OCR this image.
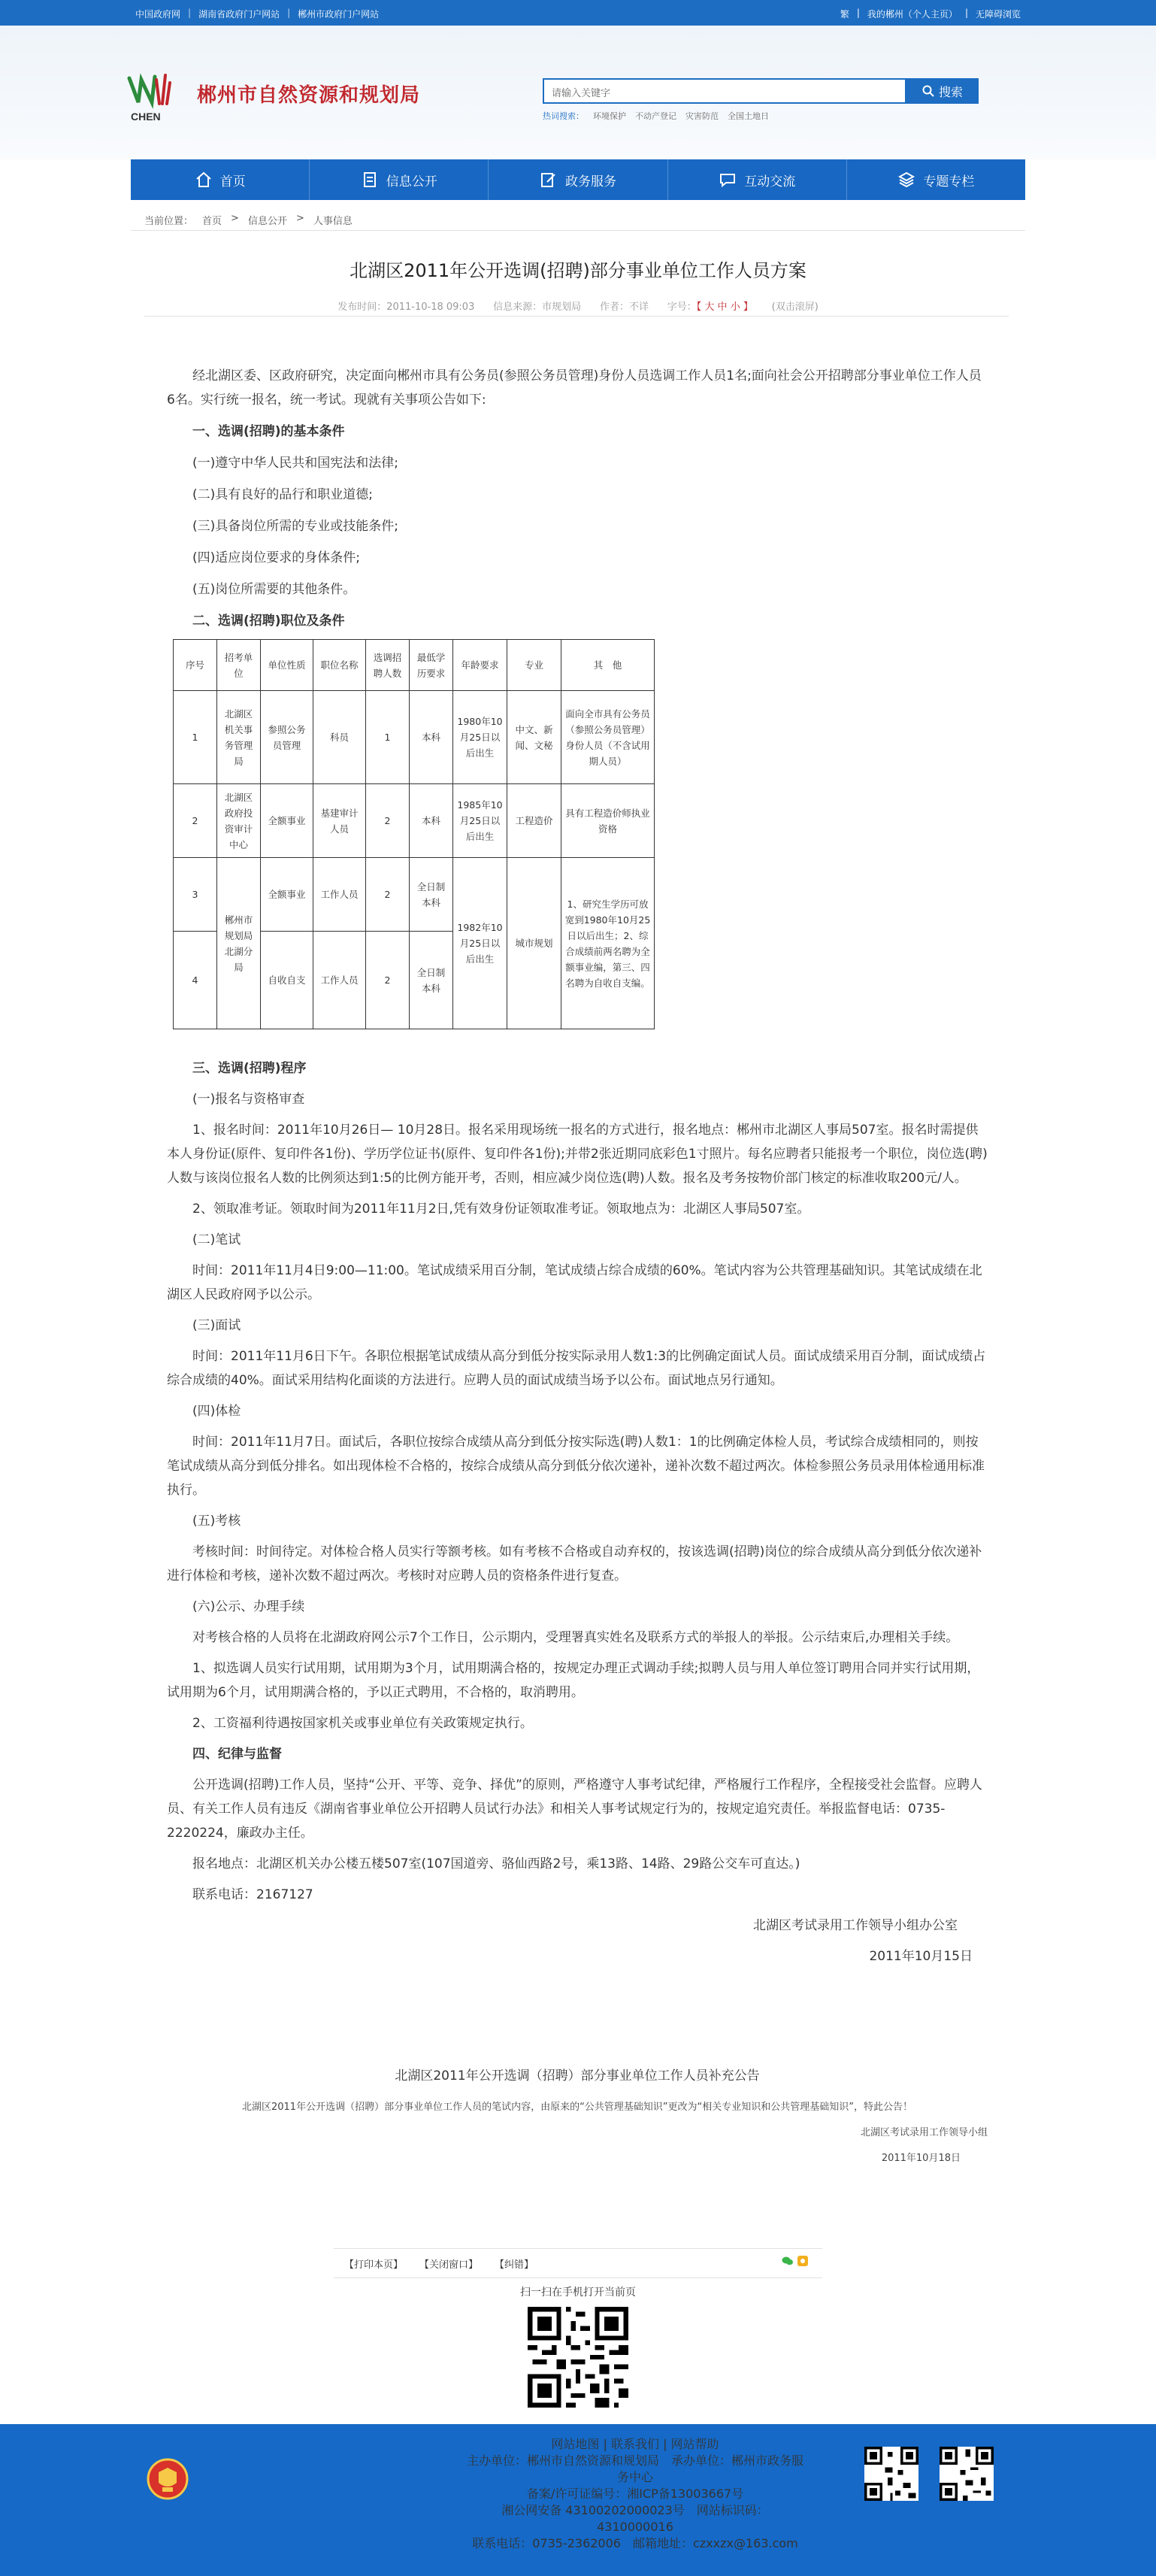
中国政府网 | 湖南省政府门户网站 | 郴州市政府门户网站	繁 | 我的郴州（个人主页） | 无障碍浏览
CHEN
郴州市自然资源和规划局	请输入关键字	搜索
热词搜索： 环境保护 不动产登记 灾害防范 全国土地日
首页	信息公开	政务服务	互动交流	专题专栏
当前位置： 首页 > 信息公开 > 人事信息
北湖区2011年公开选调(招聘)部分事业单位工作人员方案
发布时间：2011-10-18 09:03 信息来源：市规划局 作者：不详 字号：【 大 中 小 】 (双击滚屏)

经北湖区委、区政府研究，决定面向郴州市具有公务员(参照公务员管理)身份人员选调工作人员1名;面向社会公开招聘部分事业单位工作人员6名。实行统一报名，统一考试。现就有关事项公告如下:

一、选调(招聘)的基本条件

(一)遵守中华人民共和国宪法和法律;

(二)具有良好的品行和职业道德;

(三)具备岗位所需的专业或技能条件;

(四)适应岗位要求的身体条件;

(五)岗位所需要的其他条件。

二、选调(招聘)职位及条件

序号	招考单位	单位性质	职位名称	选调招聘人数	最低学历要求	年龄要求	专业	其　他
1	北湖区机关事务管理局	参照公务员管理	科员	1	本科	1980年10月25日以后出生	中文、新闻、文秘	面向全市具有公务员（参照公务员管理）身份人员（不含试用期人员）
2	北湖区政府投资审计中心	全额事业	基建审计人员	2	本科	1985年10月25日以后出生	工程造价	具有工程造价师执业资格
3	郴州市规划局北湖分局	全额事业	工作人员	2	全日制本科	1982年10月25日以后出生	城市规划	1、研究生学历可放宽到1980年10月25日以后出生；2、综合成绩前两名聘为全额事业编，第三、四名聘为自收自支编。
4		自收自支	工作人员	2	全日制本科			

三、选调(招聘)程序

(一)报名与资格审查

1、报名时间：2011年10月26日— 10月28日。报名采用现场统一报名的方式进行，报名地点：郴州市北湖区人事局507室。报名时需提供本人身份证(原件、复印件各1份)、学历学位证书(原件、复印件各1份);并带2张近期同底彩色1寸照片。每名应聘者只能报考一个职位，岗位选(聘)人数与该岗位报名人数的比例须达到1:5的比例方能开考，否则，相应减少岗位选(聘)人数。报名及考务按物价部门核定的标准收取200元/人。

2、领取准考证。领取时间为2011年11月2日,凭有效身份证领取准考证。领取地点为：北湖区人事局507室。

(二)笔试

时间：2011年11月4日9:00—11:00。笔试成绩采用百分制，笔试成绩占综合成绩的60%。笔试内容为公共管理基础知识。其笔试成绩在北湖区人民政府网予以公示。

(三)面试

时间：2011年11月6日下午。各职位根据笔试成绩从高分到低分按实际录用人数1:3的比例确定面试人员。面试成绩采用百分制，面试成绩占综合成绩的40%。面试采用结构化面谈的方法进行。应聘人员的面试成绩当场予以公布。面试地点另行通知。

(四)体检

时间：2011年11月7日。面试后，各职位按综合成绩从高分到低分按实际选(聘)人数1：1的比例确定体检人员，考试综合成绩相同的，则按笔试成绩从高分到低分排名。如出现体检不合格的，按综合成绩从高分到低分依次递补，递补次数不超过两次。体检参照公务员录用体检通用标准执行。

(五)考核

考核时间：时间待定。对体检合格人员实行等额考核。如有考核不合格或自动弃权的，按该选调(招聘)岗位的综合成绩从高分到低分依次递补进行体检和考核，递补次数不超过两次。考核时对应聘人员的资格条件进行复查。

(六)公示、办理手续

对考核合格的人员将在北湖政府网公示7个工作日，公示期内，受理署真实姓名及联系方式的举报人的举报。公示结束后,办理相关手续。

1、拟选调人员实行试用期，试用期为3个月，试用期满合格的，按规定办理正式调动手续;拟聘人员与用人单位签订聘用合同并实行试用期，试用期为6个月，试用期满合格的，予以正式聘用，不合格的，取消聘用。

2、工资福利待遇按国家机关或事业单位有关政策规定执行。

四、纪律与监督

公开选调(招聘)工作人员，坚持“公开、平等、竞争、择优”的原则，严格遵守人事考试纪律，严格履行工作程序，全程接受社会监督。应聘人员、有关工作人员有违反《湖南省事业单位公开招聘人员试行办法》和相关人事考试规定行为的，按规定追究责任。举报监督电话：0735-2220224，廉政办主任。

报名地点：北湖区机关办公楼五楼507室(107国道旁、骆仙西路2号，乘13路、14路、29路公交车可直达。)

联系电话：2167127

北湖区考试录用工作领导小组办公室

2011年10月15日

北湖区2011年公开选调（招聘）部分事业单位工作人员补充公告

北湖区2011年公开选调（招聘）部分事业单位工作人员的笔试内容，由原来的“公共管理基础知识”更改为“相关专业知识和公共管理基础知识”，特此公告！

北湖区考试录用工作领导小组

2011年10月18日

【打印本页】 【关闭窗口】 【纠错】
扫一扫在手机打开当前页
网站地图 | 联系我们 | 网站帮助
主办单位：郴州市自然资源和规划局　承办单位：郴州市政务服务中心
备案/许可证编号：湘ICP备13003667号
湘公网安备 43100202000023号　网站标识码：4310000016
联系电话：0735-2362006　邮箱地址：czxxzx@163.com
